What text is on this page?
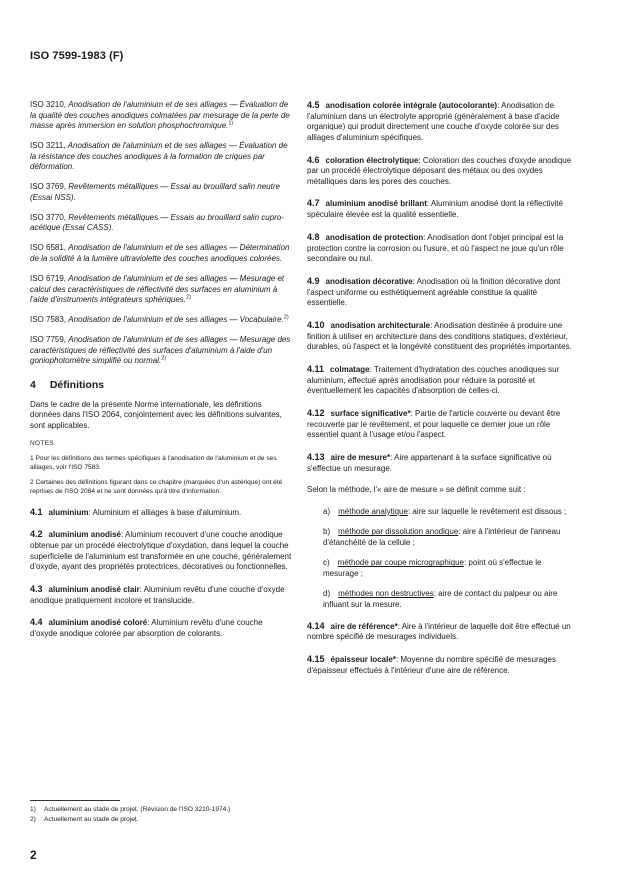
ISO 7599-1983 (F)
ISO 3210, Anodisation de l'aluminium et de ses alliages — Évaluation de la qualité des couches anodiques colmatées par mesurage de la perte de masse après immersion en solution phosphochromique.$^{1)}$
ISO 3211, Anodisation de l'aluminium et de ses alliages — Évaluation de la résistance des couches anodiques à la formation de criques par déformation.
ISO 3769, Revêtements métalliques — Essai au brouillard salin neutre (Essai NSS).
ISO 3770, Revêtements métalliques — Essais au brouillard salin cupro-acétique (Essai CASS).
ISO 6581, Anodisation de l'aluminium et de ses alliages — Détermination de la solidité à la lumière ultraviolette des couches anodiques colorées.
ISO 6719, Anodisation de l'aluminium et de ses alliages — Mesurage et calcul des caractéristiques de réflectivité des surfaces en aluminium à l'aide d'instruments intégrateurs sphériques.$^{2)}$
ISO 7583, Anodisation de l'aluminium et de ses alliages — Vocabulaire.$^{2)}$
ISO 7759, Anodisation de l'aluminium et de ses alliages — Mesurage des caractéristiques de réflectivité des surfaces d'aluminium à l'aide d'un goniophotomètre simplifié ou normal.$^{2)}$
4 Définitions
Dans le cadre de la présente Norme internationale, les définitions données dans l'ISO 2064, conjointement avec les définitions suivantes, sont applicables.
NOTES
1 Pour les définitions des termes spécifiques à l'anodisation de l'aluminium et de ses alliages, voir l'ISO 7583.
2 Certaines des définitions figurant dans ce chapitre (marquées d'un astérique) ont été reprises de l'ISO 2064 et ne sont données qu'à titre d'information.
4.1 aluminium: Aluminium et alliages à base d'aluminium.
4.2 aluminium anodisé: Aluminium recouvert d'une couche anodique obtenue par un procédé électrolytique d'oxydation, dans lequel la couche superficielle de l'aluminium est transformée en une couche, généralement d'oxyde, ayant des propriétés protectrices, décoratives ou fonctionnelles.
4.3 aluminium anodisé clair: Aluminium revêtu d'une couche d'oxyde anodique pratiquement incolore et translucide.
4.4 aluminium anodisé coloré: Aluminium revêtu d'une couche d'oxyde anodique colorée par absorption de colorants.
4.5 anodisation colorée intégrale (autocolorante): Anodisation de l'aluminium dans un électrolyte approprié (généralement à base d'acide organique) qui produit directement une couche d'oxyde colorée sur des alliages d'aluminium spécifiques.
4.6 coloration électrolytique: Coloration des couches d'oxyde anodique par un procédé électrolytique déposant des métaux ou des oxydes métalliques dans les pores des couches.
4.7 aluminium anodisé brillant: Aluminium anodisé dont la réflectivité spéculaire élevée est la qualité essentielle.
4.8 anodisation de protection: Anodisation dont l'objet principal est la protection contre la corrosion ou l'usure, et où l'aspect ne joue qu'un rôle secondaire ou nul.
4.9 anodisation décorative: Anodisation où la finition décorative dont l'aspect uniforme ou esthétiquement agréable constitue la qualité essentielle.
4.10 anodisation architecturale: Anodisation destinée à produire une finition à utiliser en architecture dans des conditions statiques, d'extérieur, durables, où l'aspect et la longévité constituent des propriétés importantes.
4.11 colmatage: Traitement d'hydratation des couches anodiques sur aluminium, effectué après anodisation pour réduire la porosité et éventuellement les capacités d'absorption de celles-ci.
4.12 surface significative*: Partie de l'article couverte ou devant être recouverte par le revêtement, et pour laquelle ce dernier joue un rôle essentiel quant à l'usage et/ou l'aspect.
4.13 aire de mesure*: Aire appartenant à la surface significative où s'effectue un mesurage.
Selon la méthode, l'« aire de mesure » se définit comme suit :
a) méthode analytique: aire sur laquelle le revêtement est dissous ;
b) méthode par dissolution anodique: aire à l'intérieur de l'anneau d'étanchéité de la cellule ;
c) méthode par coupe micrographique: point où s'effectue le mesurage ;
d) méthodes non destructives: aire de contact du palpeur ou aire influant sur la mesure.
4.14 aire de référence*: Aire à l'intérieur de laquelle doit être effectué un nombre spécifié de mesurages individuels.
4.15 épaisseur locale*: Moyenne du nombre spécifié de mesurages d'épaisseur effectués à l'intérieur d'une aire de référence.
1) Actuellement au stade de projet. (Révision de l'ISO 3210-1974.)
2) Actuellement au stade de projet.
2
